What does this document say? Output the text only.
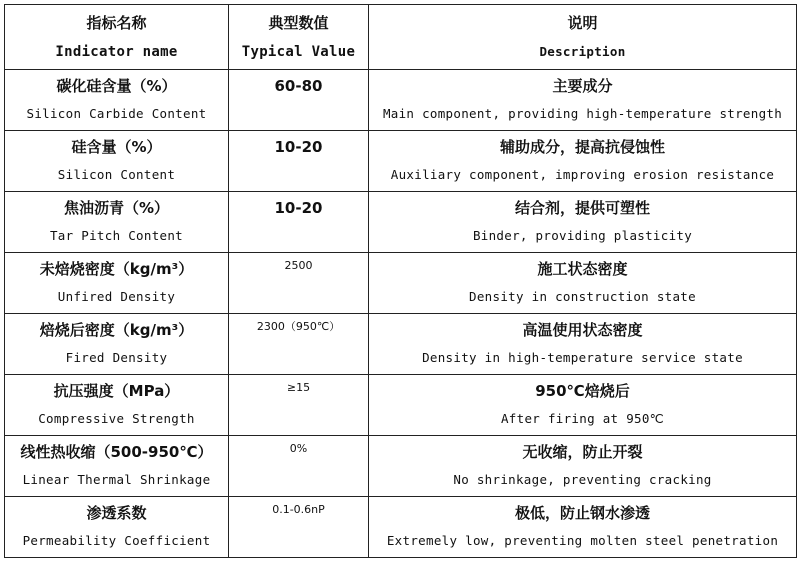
指标名称
Indicator name	典型数值
Typical Value	说明
Description

碳化硅含量（%）
Silicon Carbide Content	60-80	主要成分
Main component, providing high-temperature strength

硅含量（%）
Silicon Content	10-20	辅助成分，提高抗侵蚀性
Auxiliary component, improving erosion resistance

焦油沥青（%）
Tar Pitch Content	10-20	结合剂，提供可塑性
Binder, providing plasticity

未焙烧密度（kg/m³）
Unfired Density	2500	施工状态密度
Density in construction state

焙烧后密度（kg/m³）
Fired Density	2300（950℃）	高温使用状态密度
Density in high-temperature service state

抗压强度（MPa）
Compressive Strength	≥15	950℃焙烧后
After firing at 950℃

线性热收缩（500-950℃）
Linear Thermal Shrinkage	0%	无收缩，防止开裂
No shrinkage, preventing cracking

渗透系数
Permeability Coefficient	0.1-0.6nP	极低，防止钢水渗透
Extremely low, preventing molten steel penetration
